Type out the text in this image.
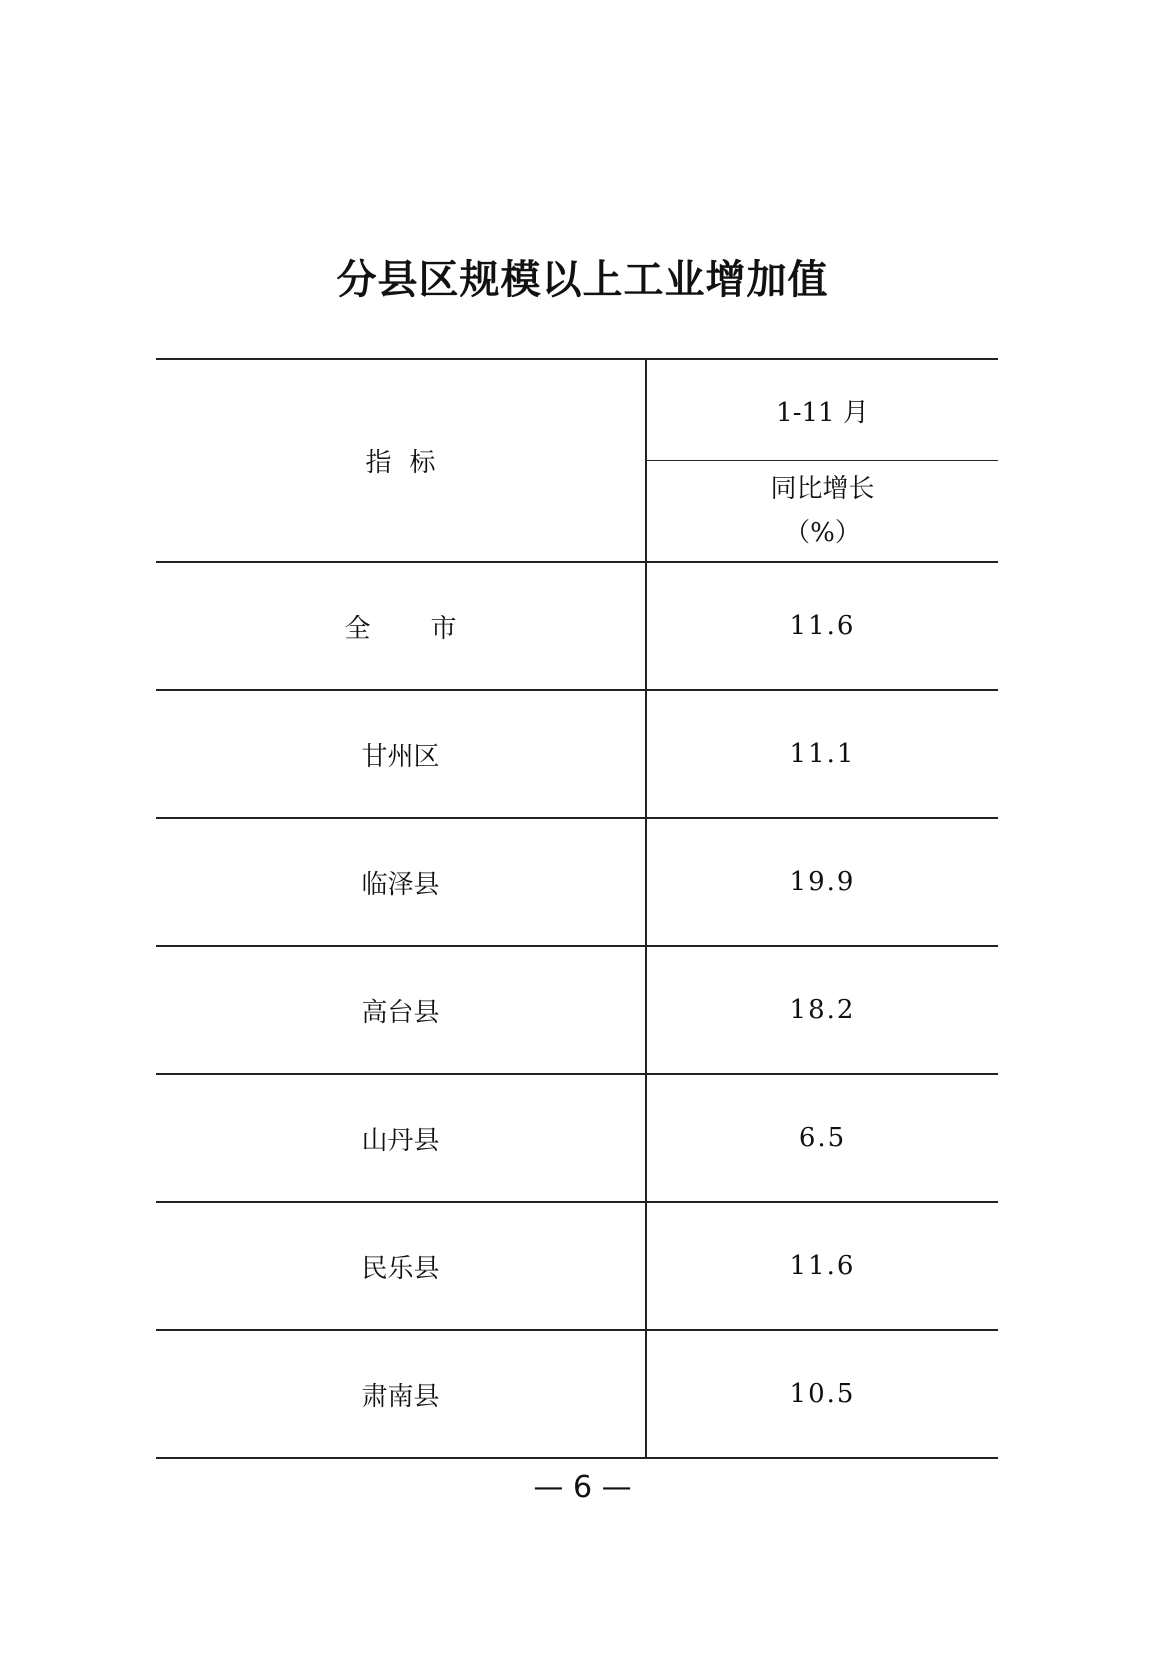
分县区规模以上工业增加值
指标	1-11 月

	同比增长
（%）

全市	11.6
甘州区	11.1
临泽县	19.9
高台县	18.2
山丹县	6.5
民乐县	11.6
肃南县	10.5
— 6 —
